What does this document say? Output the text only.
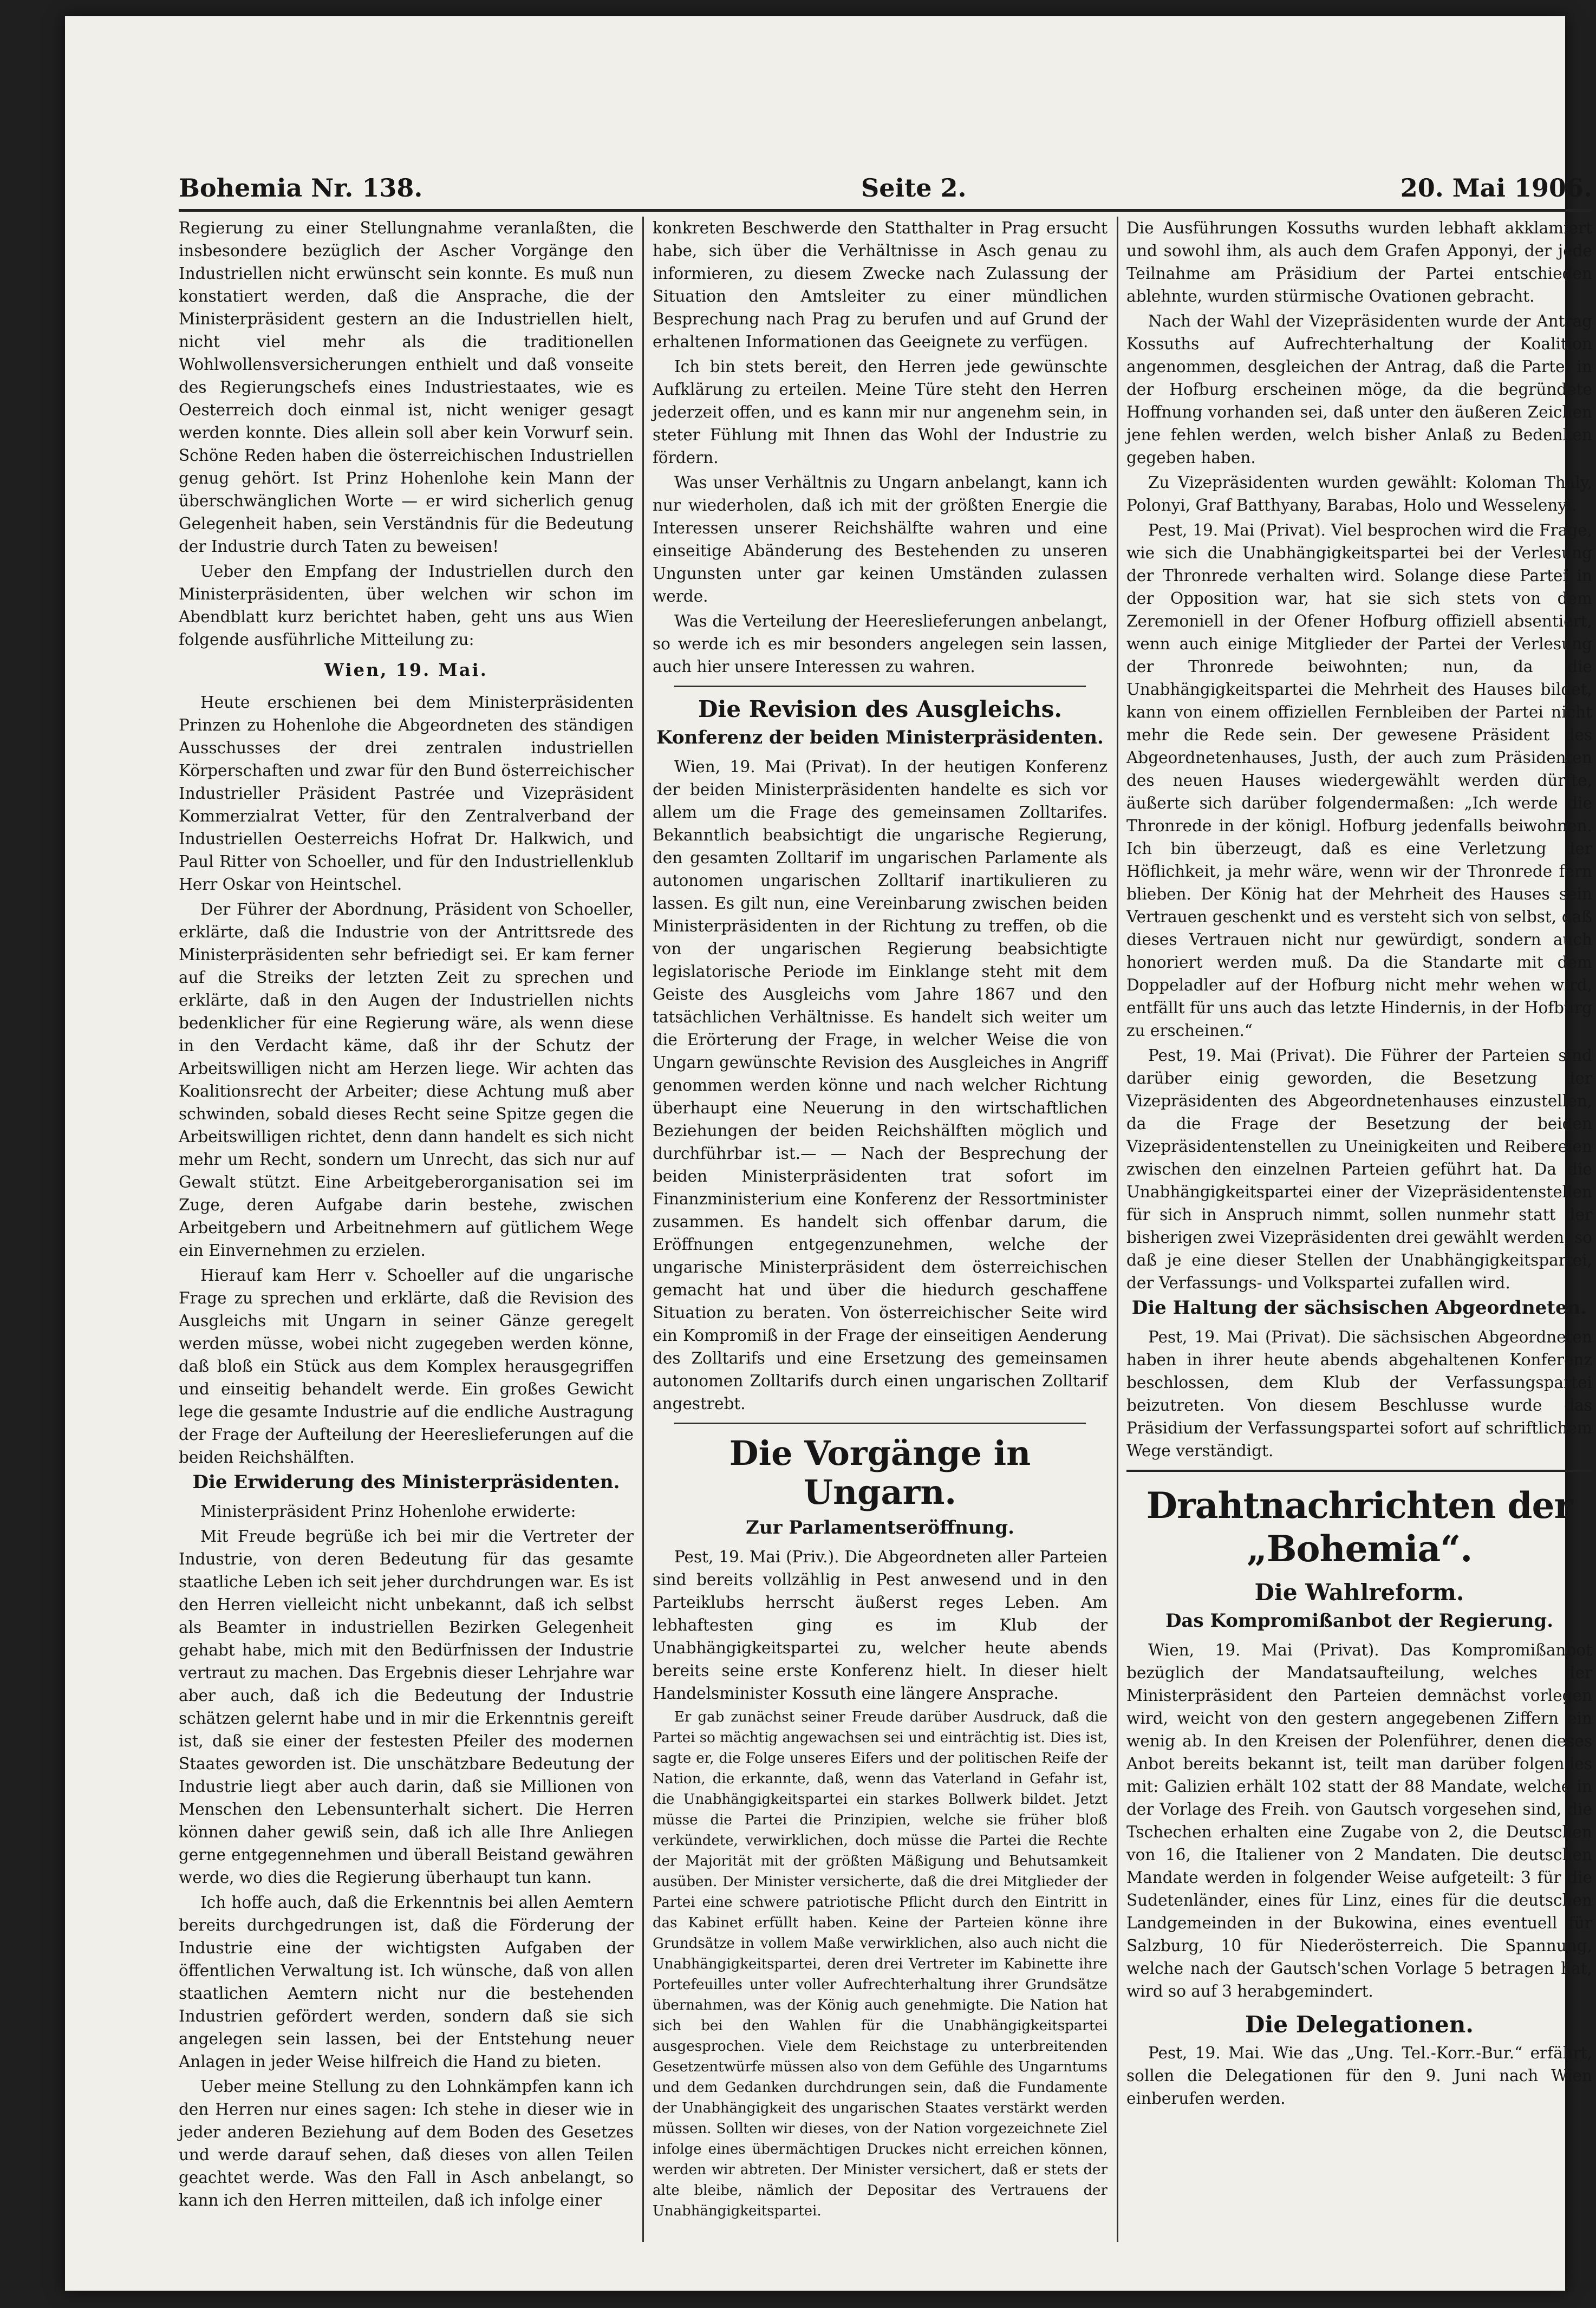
Bohemia Nr. 138.	Seite 2.	20. Mai 1906.

Regierung zu einer Stellungnahme veranlaßten, die insbesondere bezüglich der Ascher Vorgänge den Industriellen nicht erwünscht sein konnte. Es muß nun konstatiert werden, daß die Ansprache, die der Ministerpräsident gestern an die Industriellen hielt, nicht viel mehr als die traditionellen Wohlwollensversicherungen enthielt und daß vonseite des Regierungschefs eines Industriestaates, wie es Oesterreich doch einmal ist, nicht weniger gesagt werden konnte. Dies allein soll aber kein Vorwurf sein. Schöne Reden haben die österreichischen Industriellen genug gehört. Ist Prinz Hohenlohe kein Mann der überschwänglichen Worte — er wird sicherlich genug Gelegenheit haben, sein Verständnis für die Bedeutung der Industrie durch Taten zu beweisen!

Ueber den Empfang der Industriellen durch den Ministerpräsidenten, über welchen wir schon im Abendblatt kurz berichtet haben, geht uns aus Wien folgende ausführliche Mitteilung zu:

Wien, 19. Mai.

Heute erschienen bei dem Ministerpräsidenten Prinzen zu Hohenlohe die Abgeordneten des ständigen Ausschusses der drei zentralen industriellen Körperschaften und zwar für den Bund österreichischer Industrieller Präsident Pastrée und Vizepräsident Kommerzialrat Vetter, für den Zentralverband der Industriellen Oesterreichs Hofrat Dr. Halkwich, und Paul Ritter von Schoeller, und für den Industriellenklub Herr Oskar von Heintschel.

Der Führer der Abordnung, Präsident von Schoeller, erklärte, daß die Industrie von der Antrittsrede des Ministerpräsidenten sehr befriedigt sei. Er kam ferner auf die Streiks der letzten Zeit zu sprechen und erklärte, daß in den Augen der Industriellen nichts bedenklicher für eine Regierung wäre, als wenn diese in den Verdacht käme, daß ihr der Schutz der Arbeitswilligen nicht am Herzen liege. Wir achten das Koalitionsrecht der Arbeiter; diese Achtung muß aber schwinden, sobald dieses Recht seine Spitze gegen die Arbeitswilligen richtet, denn dann handelt es sich nicht mehr um Recht, sondern um Unrecht, das sich nur auf Gewalt stützt. Eine Arbeitgeberorganisation sei im Zuge, deren Aufgabe darin bestehe, zwischen Arbeitgebern und Arbeitnehmern auf gütlichem Wege ein Einvernehmen zu erzielen.

Hierauf kam Herr v. Schoeller auf die ungarische Frage zu sprechen und erklärte, daß die Revision des Ausgleichs mit Ungarn in seiner Gänze geregelt werden müsse, wobei nicht zugegeben werden könne, daß bloß ein Stück aus dem Komplex herausgegriffen und einseitig behandelt werde. Ein großes Gewicht lege die gesamte Industrie auf die endliche Austragung der Frage der Aufteilung der Heereslieferungen auf die beiden Reichshälften.

Die Erwiderung des Ministerpräsidenten.

Ministerpräsident Prinz Hohenlohe erwiderte:

Mit Freude begrüße ich bei mir die Vertreter der Industrie, von deren Bedeutung für das gesamte staatliche Leben ich seit jeher durchdrungen war. Es ist den Herren vielleicht nicht unbekannt, daß ich selbst als Beamter in industriellen Bezirken Gelegenheit gehabt habe, mich mit den Bedürfnissen der Industrie vertraut zu machen. Das Ergebnis dieser Lehrjahre war aber auch, daß ich die Bedeutung der Industrie schätzen gelernt habe und in mir die Erkenntnis gereift ist, daß sie einer der festesten Pfeiler des modernen Staates geworden ist. Die unschätzbare Bedeutung der Industrie liegt aber auch darin, daß sie Millionen von Menschen den Lebensunterhalt sichert. Die Herren können daher gewiß sein, daß ich alle Ihre Anliegen gerne entgegennehmen und überall Beistand gewähren werde, wo dies die Regierung überhaupt tun kann.

Ich hoffe auch, daß die Erkenntnis bei allen Aemtern bereits durchgedrungen ist, daß die Förderung der Industrie eine der wichtigsten Aufgaben der öffentlichen Verwaltung ist. Ich wünsche, daß von allen staatlichen Aemtern nicht nur die bestehenden Industrien gefördert werden, sondern daß sie sich angelegen sein lassen, bei der Entstehung neuer Anlagen in jeder Weise hilfreich die Hand zu bieten.

Ueber meine Stellung zu den Lohnkämpfen kann ich den Herren nur eines sagen: Ich stehe in dieser wie in jeder anderen Beziehung auf dem Boden des Gesetzes und werde darauf sehen, daß dieses von allen Teilen geachtet werde. Was den Fall in Asch anbelangt, so kann ich den Herren mitteilen, daß ich infolge einer

konkreten Beschwerde den Statthalter in Prag ersucht habe, sich über die Verhältnisse in Asch genau zu informieren, zu diesem Zwecke nach Zulassung der Situation den Amtsleiter zu einer mündlichen Besprechung nach Prag zu berufen und auf Grund der erhaltenen Informationen das Geeignete zu verfügen.

Ich bin stets bereit, den Herren jede gewünschte Aufklärung zu erteilen. Meine Türe steht den Herren jederzeit offen, und es kann mir nur angenehm sein, in steter Fühlung mit Ihnen das Wohl der Industrie zu fördern.

Was unser Verhältnis zu Ungarn anbelangt, kann ich nur wiederholen, daß ich mit der größten Energie die Interessen unserer Reichshälfte wahren und eine einseitige Abänderung des Bestehenden zu unseren Ungunsten unter gar keinen Umständen zulassen werde.

Was die Verteilung der Heereslieferungen anbelangt, so werde ich es mir besonders angelegen sein lassen, auch hier unsere Interessen zu wahren.

Die Revision des Ausgleichs.
Konferenz der beiden Ministerpräsidenten.

Wien, 19. Mai (Privat). In der heutigen Konferenz der beiden Ministerpräsidenten handelte es sich vor allem um die Frage des gemeinsamen Zolltarifes. Bekanntlich beabsichtigt die ungarische Regierung, den gesamten Zolltarif im ungarischen Parlamente als autonomen ungarischen Zolltarif inartikulieren zu lassen. Es gilt nun, eine Vereinbarung zwischen beiden Ministerpräsidenten in der Richtung zu treffen, ob die von der ungarischen Regierung beabsichtigte legislatorische Periode im Einklange steht mit dem Geiste des Ausgleichs vom Jahre 1867 und den tatsächlichen Verhältnisse. Es handelt sich weiter um die Erörterung der Frage, in welcher Weise die von Ungarn gewünschte Revision des Ausgleiches in Angriff genommen werden könne und nach welcher Richtung überhaupt eine Neuerung in den wirtschaftlichen Beziehungen der beiden Reichshälften möglich und durchführbar ist.— — Nach der Besprechung der beiden Ministerpräsidenten trat sofort im Finanzministerium eine Konferenz der Ressortminister zusammen. Es handelt sich offenbar darum, die Eröffnungen entgegenzunehmen, welche der ungarische Ministerpräsident dem österreichischen gemacht hat und über die hiedurch geschaffene Situation zu beraten. Von österreichischer Seite wird ein Kompromiß in der Frage der einseitigen Aenderung des Zolltarifs und eine Ersetzung des gemeinsamen autonomen Zolltarifs durch einen ungarischen Zolltarif angestrebt.

Die Vorgänge in Ungarn.
Zur Parlamentseröffnung.

Pest, 19. Mai (Priv.). Die Abgeordneten aller Parteien sind bereits vollzählig in Pest anwesend und in den Parteiklubs herrscht äußerst reges Leben. Am lebhaftesten ging es im Klub der Unabhängigkeitspartei zu, welcher heute abends bereits seine erste Konferenz hielt. In dieser hielt Handelsminister Kossuth eine längere Ansprache.

Er gab zunächst seiner Freude darüber Ausdruck, daß die Partei so mächtig angewachsen sei und einträchtig ist. Dies ist, sagte er, die Folge unseres Eifers und der politischen Reife der Nation, die erkannte, daß, wenn das Vaterland in Gefahr ist, die Unabhängigkeitspartei ein starkes Bollwerk bildet. Jetzt müsse die Partei die Prinzipien, welche sie früher bloß verkündete, verwirklichen, doch müsse die Partei die Rechte der Majorität mit der größten Mäßigung und Behutsamkeit ausüben. Der Minister versicherte, daß die drei Mitglieder der Partei eine schwere patriotische Pflicht durch den Eintritt in das Kabinet erfüllt haben. Keine der Parteien könne ihre Grundsätze in vollem Maße verwirklichen, also auch nicht die Unabhängigkeitspartei, deren drei Vertreter im Kabinette ihre Portefeuilles unter voller Aufrechterhaltung ihrer Grundsätze übernahmen, was der König auch genehmigte. Die Nation hat sich bei den Wahlen für die Unabhängigkeitspartei ausgesprochen. Viele dem Reichstage zu unterbreitenden Gesetzentwürfe müssen also von dem Gefühle des Ungarntums und dem Gedanken durchdrungen sein, daß die Fundamente der Unabhängigkeit des ungarischen Staates verstärkt werden müssen. Sollten wir dieses, von der Nation vorgezeichnete Ziel infolge eines übermächtigen Druckes nicht erreichen können, werden wir abtreten. Der Minister versichert, daß er stets der alte bleibe, nämlich der Depositar des Vertrauens der Unabhängigkeitspartei.

Die Ausführungen Kossuths wurden lebhaft akklamiert und sowohl ihm, als auch dem Grafen Apponyi, der jede Teilnahme am Präsidium der Partei entschieden ablehnte, wurden stürmische Ovationen gebracht.

Nach der Wahl der Vizepräsidenten wurde der Antrag Kossuths auf Aufrechterhaltung der Koalition angenommen, desgleichen der Antrag, daß die Partei in der Hofburg erscheinen möge, da die begründete Hoffnung vorhanden sei, daß unter den äußeren Zeichen jene fehlen werden, welch bisher Anlaß zu Bedenken gegeben haben.

Zu Vizepräsidenten wurden gewählt: Koloman Thaly, Polonyi, Graf Batthyany, Barabas, Holo und Wesselenyi.

Pest, 19. Mai (Privat). Viel besprochen wird die Frage, wie sich die Unabhängigkeitspartei bei der Verlesung der Thronrede verhalten wird. Solange diese Partei in der Opposition war, hat sie sich stets von dem Zeremoniell in der Ofener Hofburg offiziell absentiert, wenn auch einige Mitglieder der Partei der Verlesung der Thronrede beiwohnten; nun, da die Unabhängigkeitspartei die Mehrheit des Hauses bildet, kann von einem offiziellen Fernbleiben der Partei nicht mehr die Rede sein. Der gewesene Präsident des Abgeordnetenhauses, Justh, der auch zum Präsidenten des neuen Hauses wiedergewählt werden dürfte, äußerte sich darüber folgendermaßen: „Ich werde die Thronrede in der königl. Hofburg jedenfalls beiwohnen. Ich bin überzeugt, daß es eine Verletzung der Höflichkeit, ja mehr wäre, wenn wir der Thronrede fern blieben. Der König hat der Mehrheit des Hauses sein Vertrauen geschenkt und es versteht sich von selbst, daß dieses Vertrauen nicht nur gewürdigt, sondern auch honoriert werden muß. Da die Standarte mit dem Doppeladler auf der Hofburg nicht mehr wehen wird, entfällt für uns auch das letzte Hindernis, in der Hofburg zu erscheinen.“

Pest, 19. Mai (Privat). Die Führer der Parteien sind darüber einig geworden, die Besetzung der Vizepräsidenten des Abgeordnetenhauses einzustellen, da die Frage der Besetzung der beiden Vizepräsidentenstellen zu Uneinigkeiten und Reibereien zwischen den einzelnen Parteien geführt hat. Da die Unabhängigkeitspartei einer der Vizepräsidentenstellen für sich in Anspruch nimmt, sollen nunmehr statt der bisherigen zwei Vizepräsidenten drei gewählt werden, so daß je eine dieser Stellen der Unabhängigkeitspartei, der Verfassungs- und Volkspartei zufallen wird.

Die Haltung der sächsischen Abgeordneten.

Pest, 19. Mai (Privat). Die sächsischen Abgeordneten haben in ihrer heute abends abgehaltenen Konferenz beschlossen, dem Klub der Verfassungspartei beizutreten. Von diesem Beschlusse wurde das Präsidium der Verfassungspartei sofort auf schriftlichem Wege verständigt.

Drahtnachrichten der „Bohemia“.
Die Wahlreform.
Das Kompromißanbot der Regierung.

Wien, 19. Mai (Privat). Das Kompromißanbot bezüglich der Mandatsaufteilung, welches der Ministerpräsident den Parteien demnächst vorlegen wird, weicht von den gestern angegebenen Ziffern ein wenig ab. In den Kreisen der Polenführer, denen dieses Anbot bereits bekannt ist, teilt man darüber folgendes mit: Galizien erhält 102 statt der 88 Mandate, welche in der Vorlage des Freih. von Gautsch vorgesehen sind, die Tschechen erhalten eine Zugabe von 2, die Deutschen von 16, die Italiener von 2 Mandaten. Die deutschen Mandate werden in folgender Weise aufgeteilt: 3 für die Sudetenländer, eines für Linz, eines für die deutschen Landgemeinden in der Bukowina, eines eventuell für Salzburg, 10 für Niederösterreich. Die Spannung, welche nach der Gautsch'schen Vorlage 5 betragen hat, wird so auf 3 herabgemindert.

Die Delegationen.

Pest, 19. Mai. Wie das „Ung. Tel.-Korr.-Bur.“ erfährt, sollen die Delegationen für den 9. Juni nach Wien einberufen werden.
